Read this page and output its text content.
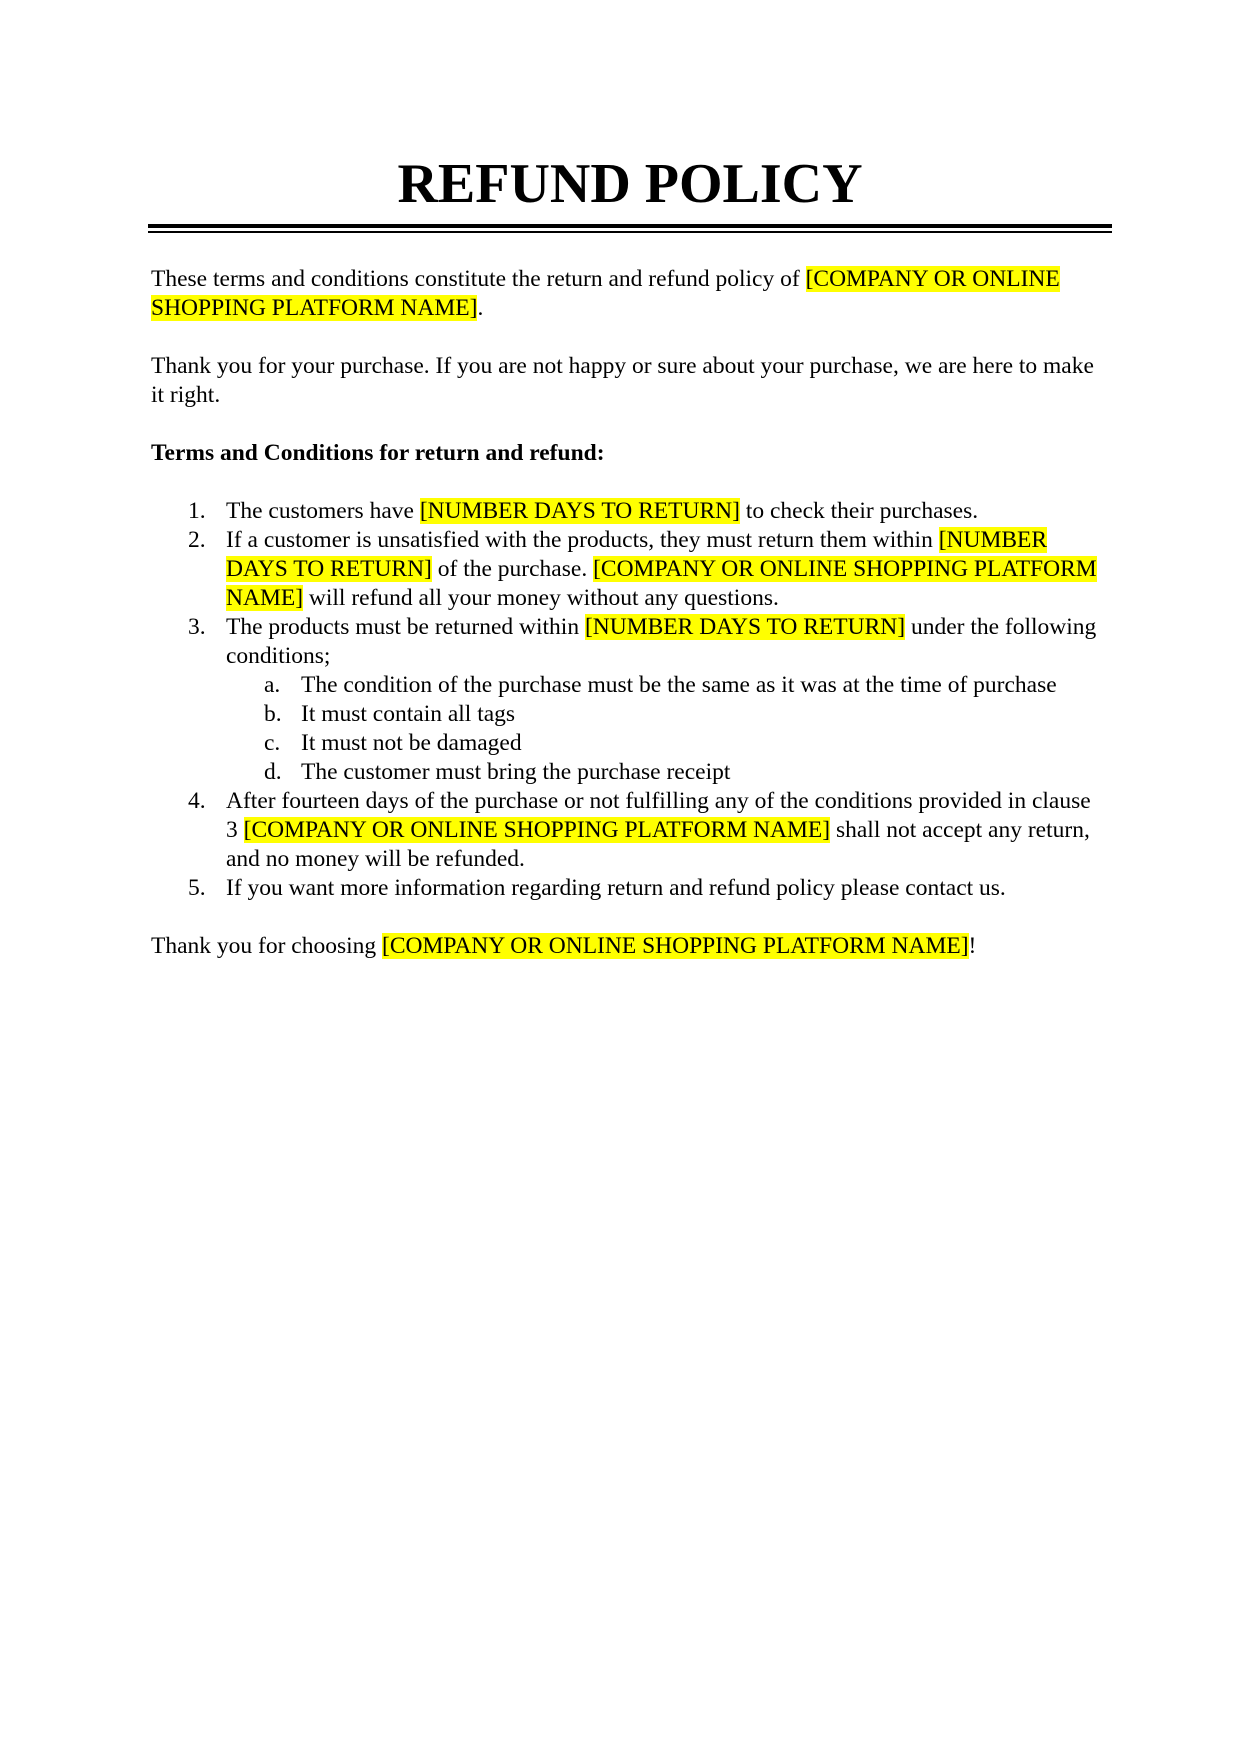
REFUND POLICY

These terms and conditions constitute the return and refund policy of [COMPANY OR ONLINE SHOPPING PLATFORM NAME].

Thank you for your purchase. If you are not happy or sure about your purchase, we are here to make it right.

Terms and Conditions for return and refund:

1. The customers have [NUMBER DAYS TO RETURN] to check their purchases.
2. If a customer is unsatisfied with the products, they must return them within [NUMBER DAYS TO RETURN] of the purchase. [COMPANY OR ONLINE SHOPPING PLATFORM NAME] will refund all your money without any questions.
3. The products must be returned within [NUMBER DAYS TO RETURN] under the following conditions;
a. The condition of the purchase must be the same as it was at the time of purchase
b. It must contain all tags
c. It must not be damaged
d. The customer must bring the purchase receipt
4. After fourteen days of the purchase or not fulfilling any of the conditions provided in clause 3 [COMPANY OR ONLINE SHOPPING PLATFORM NAME] shall not accept any return, and no money will be refunded.
5. If you want more information regarding return and refund policy please contact us.

Thank you for choosing [COMPANY OR ONLINE SHOPPING PLATFORM NAME]!
